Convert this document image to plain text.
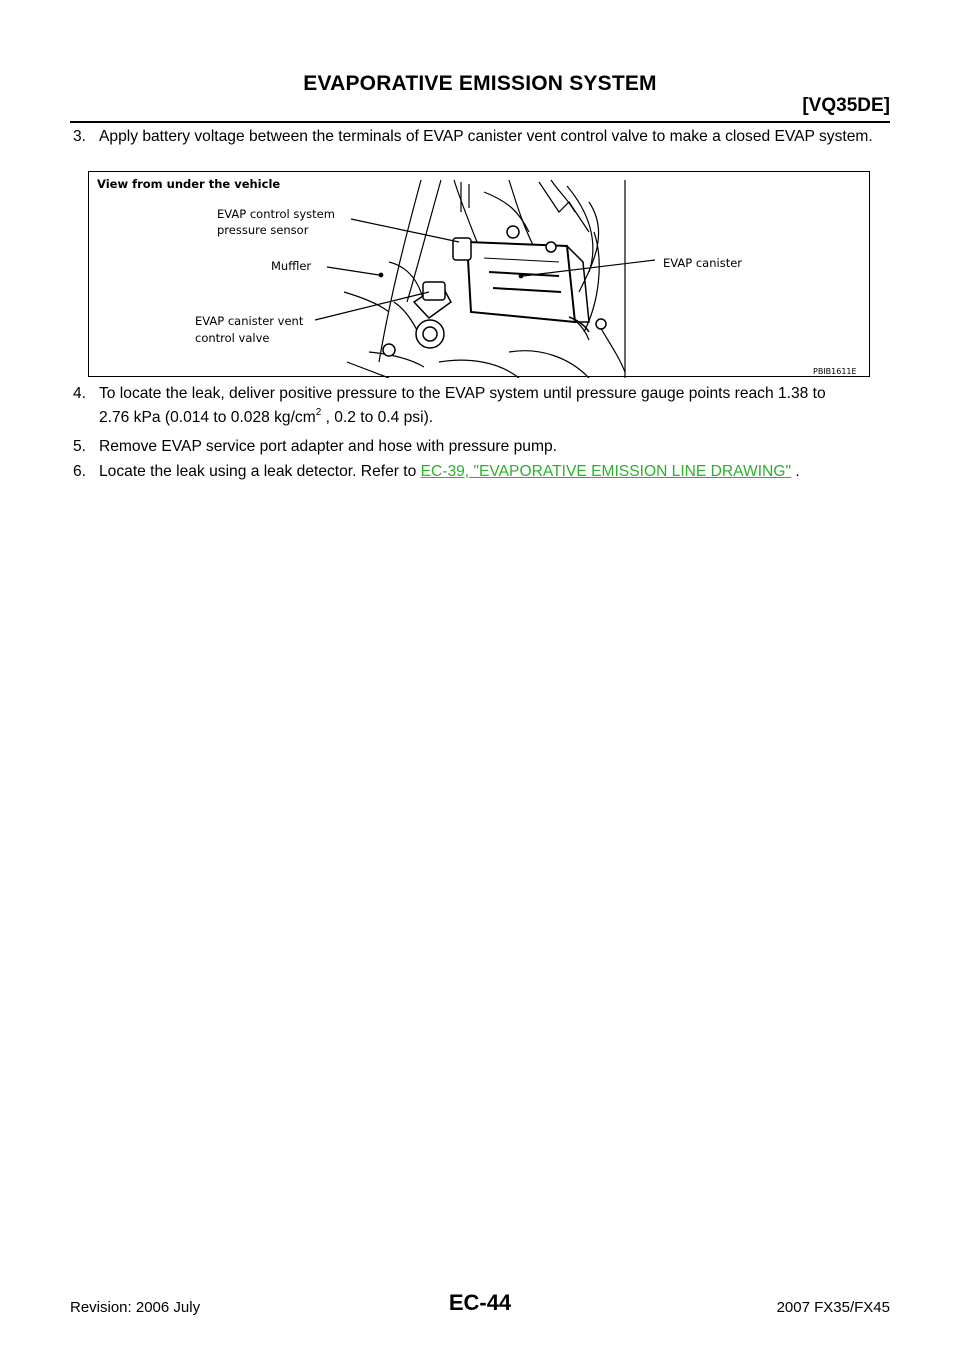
EVAPORATIVE EMISSION SYSTEM
[VQ35DE]
3. Apply battery voltage between the terminals of EVAP canister vent control valve to make a closed EVAP system.
View from under the vehicle
EVAP control system
pressure sensor
Muffler	EVAP canister
EVAP canister vent
control valve
PBIB1611E
4. To locate the leak, deliver positive pressure to the EVAP system until pressure gauge points reach 1.38 to
2.76 kPa (0.014 to 0.028 $kg/cm^2$ , 0.2 to 0.4 psi).
5. Remove EVAP service port adapter and hose with pressure pump.
6. Locate the leak using a leak detector. Refer to EC-39, "EVAPORATIVE EMISSION LINE DRAWING" .
Revision: 2006 July	EC-44	2007 FX35/FX45
